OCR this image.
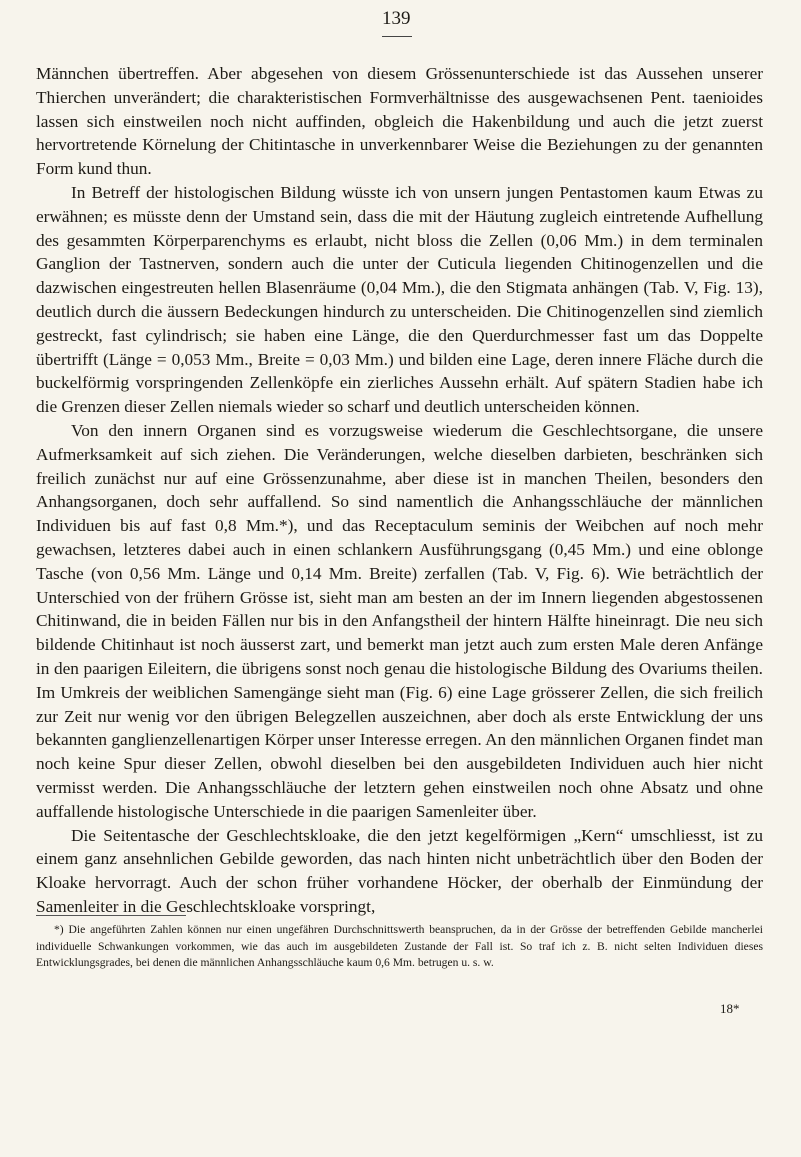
139

Männchen übertreffen. Aber abgesehen von diesem Grössenunterschiede ist das Aussehen unserer Thierchen unverändert; die charakteristischen Formverhältnisse des ausgewachsenen Pent. taenioides lassen sich einstweilen noch nicht auffinden, obgleich die Hakenbildung und auch die jetzt zuerst hervortretende Körnelung der Chitintasche in unverkennbarer Weise die Beziehungen zu der genannten Form kund thun.

In Betreff der histologischen Bildung wüsste ich von unsern jungen Pentastomen kaum Etwas zu erwähnen; es müsste denn der Umstand sein, dass die mit der Häutung zugleich eintretende Aufhellung des gesammten Körperparenchyms es erlaubt, nicht bloss die Zellen (0,06 Mm.) in dem terminalen Ganglion der Tastnerven, sondern auch die unter der Cuticula liegenden Chitinogenzellen und die dazwischen eingestreuten hellen Blasenräume (0,04 Mm.), die den Stigmata anhängen (Tab. V, Fig. 13), deutlich durch die äussern Bedeckungen hindurch zu unterscheiden. Die Chitinogenzellen sind ziemlich gestreckt, fast cylindrisch; sie haben eine Länge, die den Querdurchmesser fast um das Doppelte übertrifft (Länge = 0,053 Mm., Breite = 0,03 Mm.) und bilden eine Lage, deren innere Fläche durch die buckelförmig vorspringenden Zellenköpfe ein zierliches Aussehn erhält. Auf spätern Stadien habe ich die Grenzen dieser Zellen niemals wieder so scharf und deutlich unterscheiden können.

Von den innern Organen sind es vorzugsweise wiederum die Geschlechtsorgane, die unsere Aufmerksamkeit auf sich ziehen. Die Veränderungen, welche dieselben darbieten, beschränken sich freilich zunächst nur auf eine Grössenzunahme, aber diese ist in manchen Theilen, besonders den Anhangsorganen, doch sehr auffallend. So sind namentlich die Anhangsschläuche der männlichen Individuen bis auf fast 0,8 Mm.*), und das Receptaculum seminis der Weibchen auf noch mehr gewachsen, letzteres dabei auch in einen schlankern Ausführungsgang (0,45 Mm.) und eine oblonge Tasche (von 0,56 Mm. Länge und 0,14 Mm. Breite) zerfallen (Tab. V, Fig. 6). Wie beträchtlich der Unterschied von der frühern Grösse ist, sieht man am besten an der im Innern liegenden abgestossenen Chitinwand, die in beiden Fällen nur bis in den Anfangstheil der hintern Hälfte hineinragt. Die neu sich bildende Chitinhaut ist noch äusserst zart, und bemerkt man jetzt auch zum ersten Male deren Anfänge in den paarigen Eileitern, die übrigens sonst noch genau die histologische Bildung des Ovariums theilen. Im Umkreis der weiblichen Samengänge sieht man (Fig. 6) eine Lage grösserer Zellen, die sich freilich zur Zeit nur wenig vor den übrigen Belegzellen auszeichnen, aber doch als erste Entwicklung der uns bekannten ganglienzellenartigen Körper unser Interesse erregen. An den männlichen Organen findet man noch keine Spur dieser Zellen, obwohl dieselben bei den ausgebildeten Individuen auch hier nicht vermisst werden. Die Anhangsschläuche der letztern gehen einstweilen noch ohne Absatz und ohne auffallende histologische Unterschiede in die paarigen Samenleiter über.

Die Seitentasche der Geschlechtskloake, die den jetzt kegelförmigen „Kern“ umschliesst, ist zu einem ganz ansehnlichen Gebilde geworden, das nach hinten nicht unbeträchtlich über den Boden der Kloake hervorragt. Auch der schon früher vorhandene Höcker, der oberhalb der Einmündung der Samenleiter in die Geschlechtskloake vorspringt,

*) Die angeführten Zahlen können nur einen ungefähren Durchschnittswerth beanspruchen, da in der Grösse der betreffenden Gebilde mancherlei individuelle Schwankungen vorkommen, wie das auch im ausgebildeten Zustande der Fall ist. So traf ich z. B. nicht selten Individuen dieses Entwicklungsgrades, bei denen die männlichen Anhangsschläuche kaum 0,6 Mm. betrugen u. s. w.

18*
